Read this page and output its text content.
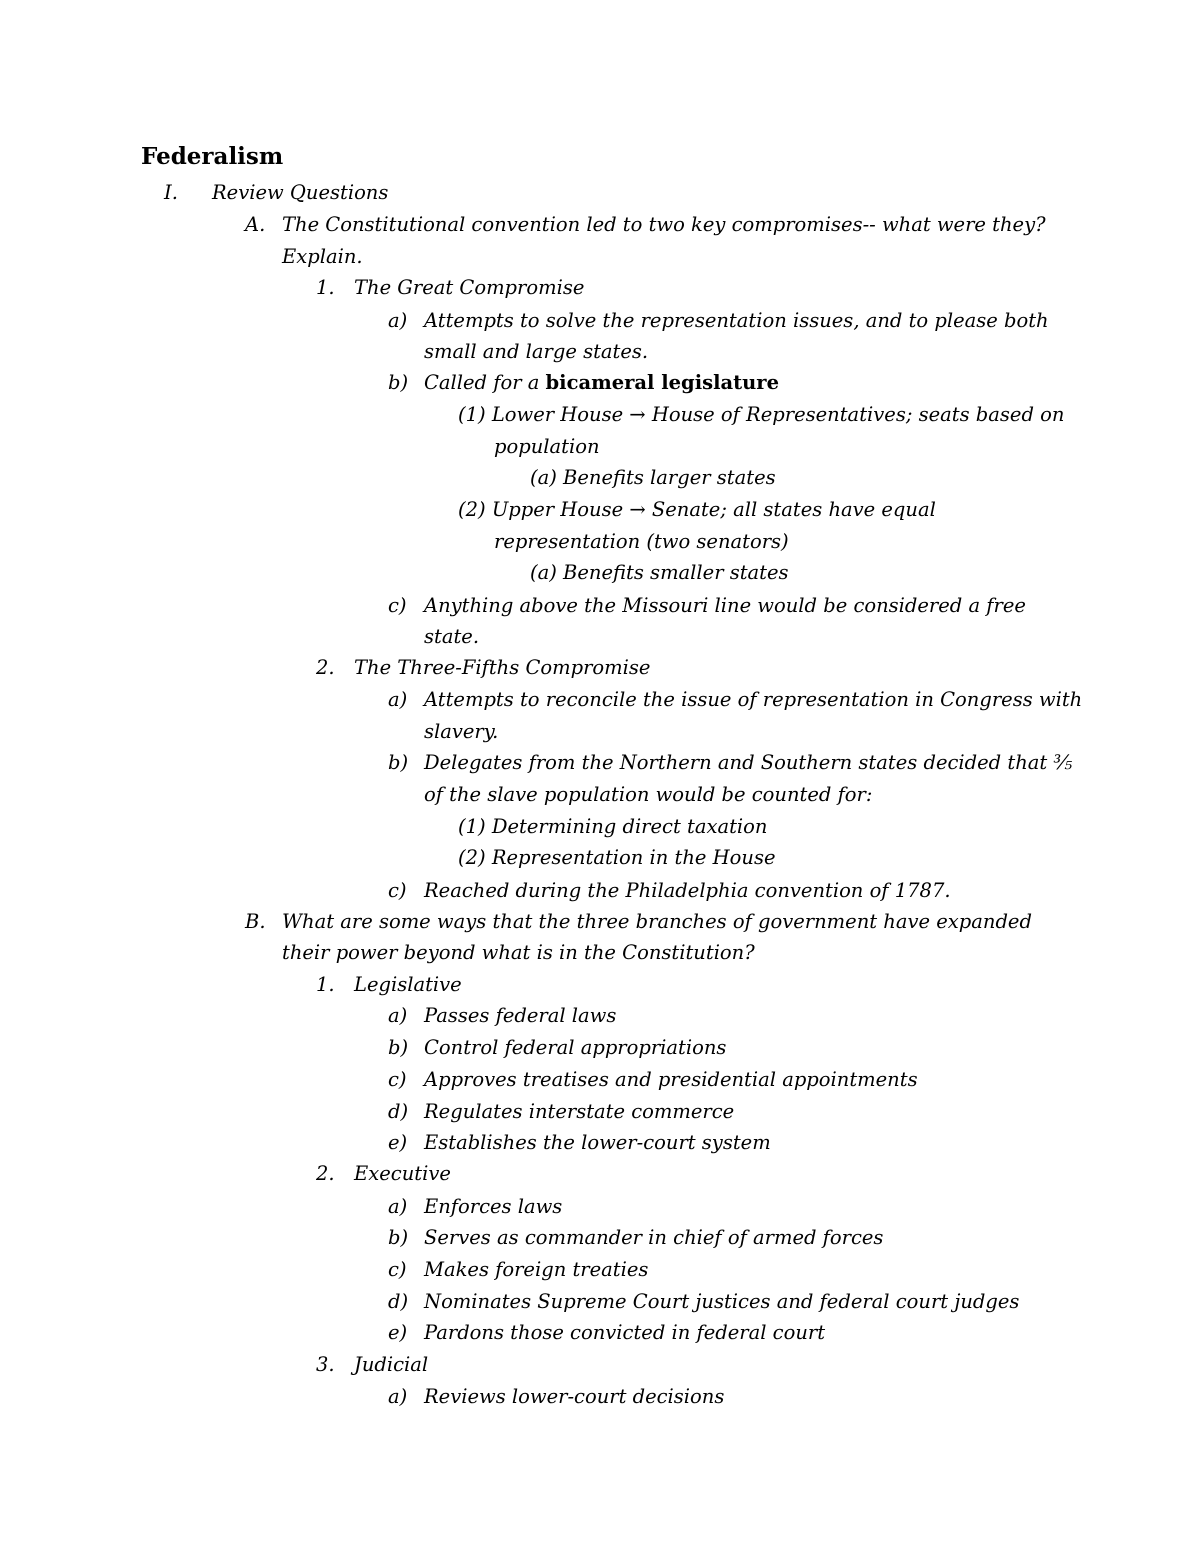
Federalism
I. Review Questions

A. The Constitutional convention led to two key compromises-- what were they?

Explain.

1. The Great Compromise

a) Attempts to solve the representation issues, and to please both

small and large states.

b) Called for a bicameral legislature

(1) Lower House → House of Representatives; seats based on

population

(a) Benefits larger states

(2) Upper House → Senate; all states have equal

representation (two senators)

(a) Benefits smaller states

c) Anything above the Missouri line would be considered a free

state.

2. The Three-Fifths Compromise

a) Attempts to reconcile the issue of representation in Congress with

slavery.

b) Delegates from the Northern and Southern states decided that ⅗

of the slave population would be counted for:

(1) Determining direct taxation

(2) Representation in the House

c) Reached during the Philadelphia convention of 1787.

B. What are some ways that the three branches of government have expanded

their power beyond what is in the Constitution?

1. Legislative

a) Passes federal laws

b) Control federal appropriations

c) Approves treatises and presidential appointments

d) Regulates interstate commerce

e) Establishes the lower-court system

2. Executive

a) Enforces laws

b) Serves as commander in chief of armed forces

c) Makes foreign treaties

d) Nominates Supreme Court justices and federal court judges

e) Pardons those convicted in federal court

3. Judicial

a) Reviews lower-court decisions
